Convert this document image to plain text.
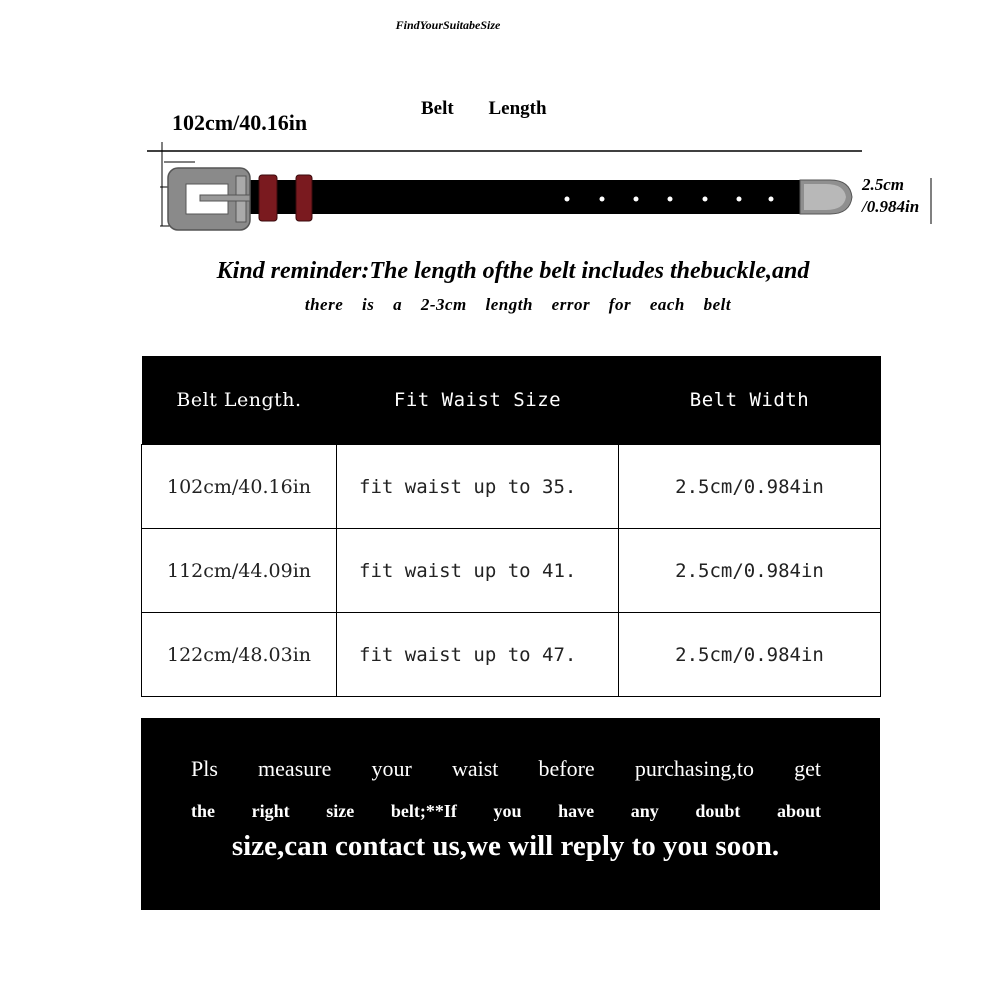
FindYourSuitabeSize
102cm/40.16in
Belt Length
2.5cm
/0.984in
Kind reminder:The length ofthe belt includes thebuckle,and
there is a 2-3cm length error for each belt
Belt Length.	Fit Waist Size	Belt Width
102cm/40.16in	fit waist up to 35.	2.5cm/0.984in
112cm/44.09in	fit waist up to 41.	2.5cm/0.984in
122cm/48.03in	fit waist up to 47.	2.5cm/0.984in
Pls measure your waist before purchasing,to get
the right size belt;**If you have any doubt about
size,can contact us,we will reply to you soon.
